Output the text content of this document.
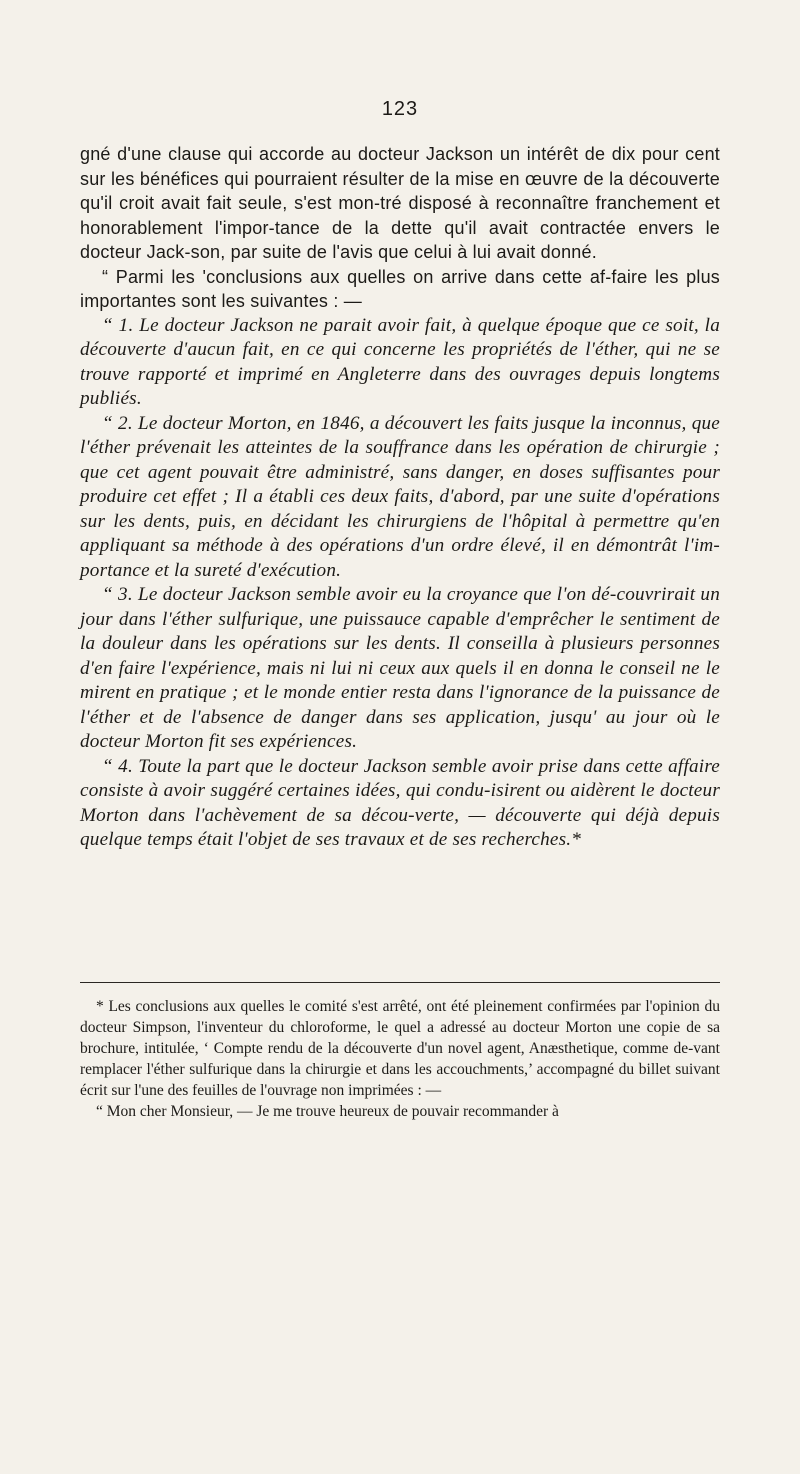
123

gné d'une clause qui accorde au docteur Jackson un intérêt de dix pour cent sur les bénéfices qui pourraient résulter de la mise en œuvre de la découverte qu'il croit avait fait seule, s'est mon-tré disposé à reconnaître franchement et honorablement l'impor-tance de la dette qu'il avait contractée envers le docteur Jack-son, par suite de l'avis que celui à lui avait donné.

“ Parmi les 'conclusions aux quelles on arrive dans cette af-faire les plus importantes sont les suivantes : —

“ 1. Le docteur Jackson ne parait avoir fait, à quelque époque que ce soit, la découverte d'aucun fait, en ce qui concerne les propriétés de l'éther, qui ne se trouve rapporté et imprimé en Angleterre dans des ouvrages depuis longtems publiés.

“ 2. Le docteur Morton, en 1846, a découvert les faits jusque la inconnus, que l'éther prévenait les atteintes de la souffrance dans les opération de chirurgie ; que cet agent pouvait être administré, sans danger, en doses suffisantes pour produire cet effet ; Il a établi ces deux faits, d'abord, par une suite d'opérations sur les dents, puis, en décidant les chirurgiens de l'hôpital à permettre qu'en appliquant sa méthode à des opérations d'un ordre élevé, il en démontrât l'im-portance et la sureté d'exécution.

“ 3. Le docteur Jackson semble avoir eu la croyance que l'on dé-couvrirait un jour dans l'éther sulfurique, une puissauce capable d'emprêcher le sentiment de la douleur dans les opérations sur les dents. Il conseilla à plusieurs personnes d'en faire l'expérience, mais ni lui ni ceux aux quels il en donna le conseil ne le mirent en pratique ; et le monde entier resta dans l'ignorance de la puissance de l'éther et de l'absence de danger dans ses application, jusqu' au jour où le docteur Morton fit ses expériences.

“ 4. Toute la part que le docteur Jackson semble avoir prise dans cette affaire consiste à avoir suggéré certaines idées, qui condu-isirent ou aidèrent le docteur Morton dans l'achèvement de sa décou-verte, — découverte qui déjà depuis quelque temps était l'objet de ses travaux et de ses recherches.*

* Les conclusions aux quelles le comité s'est arrêté, ont été pleinement confirmées par l'opinion du docteur Simpson, l'inventeur du chloroforme, le quel a adressé au docteur Morton une copie de sa brochure, intitulée, ‘ Compte rendu de la découverte d'un novel agent, Anæsthetique, comme de-vant remplacer l'éther sulfurique dans la chirurgie et dans les accouchments,’ accompagné du billet suivant écrit sur l'une des feuilles de l'ouvrage non imprimées : —

“ Mon cher Monsieur, — Je me trouve heureux de pouvair recommander à
